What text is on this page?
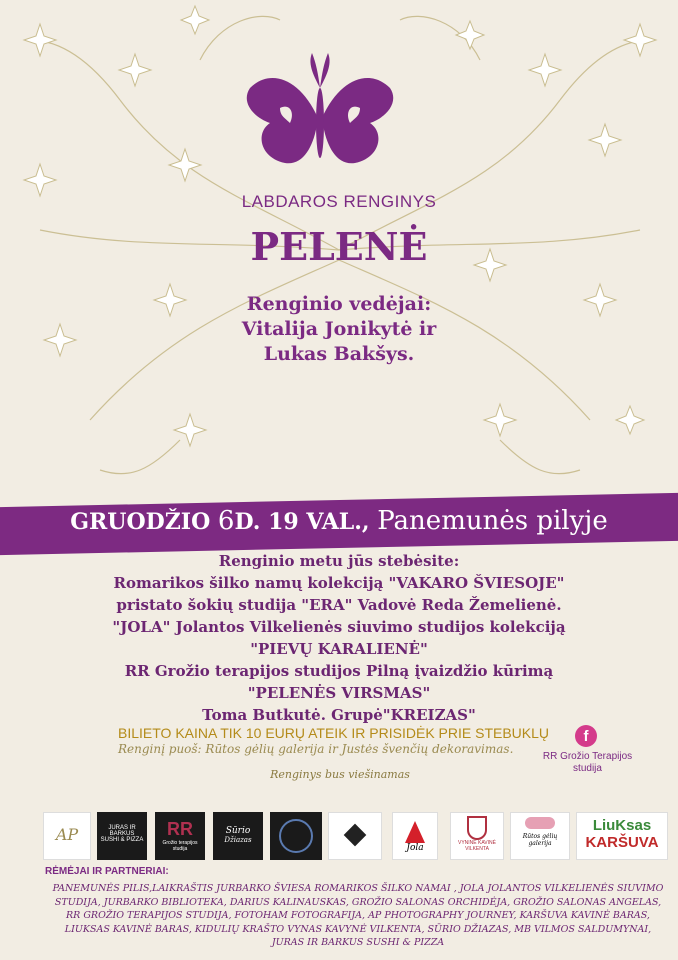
LABDAROS RENGINYS
PELENĖ
Renginio vedėjai:
Vitalija Jonikytė ir
Lukas Bakšys.
GRUODŽIO 6D. 19 VAL., Panemunės pilyje
Renginio metu jūs stebėsite:
Romarikos šilko namų kolekciją "VAKARO ŠVIESOJE"
pristato šokių studija "ERA" Vadovė Reda Žemelienė.
"JOLA" Jolantos Vilkelienės siuvimo studijos kolekciją
"PIEVŲ KARALIENĖ"
RR Grožio terapijos studijos Pilną įvaizdžio kūrimą
"PELENĖS VIRSMAS"
Toma Butkutė. Grupė"KREIZAS"
BILIETO KAINA TIK 10 EURŲ ATEIK IR PRISIDĖK PRIE STEBUKLŲ
Renginį puoš: Rūtos gėlių galerija ir Justės švenčių dekoravimas.
Renginys bus viešinamas
f
RR Grožio Terapijos
studija
AP	JURAS IR BARKUS
SUSHI & PIZZA
RR
Grožio terapijos studija
Sūrio
Džiazas
Jola	VYNINĖ KAVINĖ
VILKENTA
Rūtos gėlių
galerija
LiuKsas
KARŠUVA
RĖMĖJAI IR PARTNERIAI:
PANEMUNĖS PILIS,LAIKRAŠTIS JURBARKO ŠVIESA ROMARIKOS ŠILKO NAMAI , JOLA JOLANTOS VILKELIENĖS SIUVIMO STUDIJA, JURBARKO BIBLIOTEKA, DARIUS KALINAUSKAS, GROŽIO SALONAS ORCHIDĖJA, GROŽIO SALONAS ANGELAS, RR GROŽIO TERAPIJOS STUDIJA, FOTOHAM FOTOGRAFIJA, AP PHOTOGRAPHY JOURNEY, KARŠUVA KAVINĖ BARAS, LIUKSAS KAVINĖ BARAS, KIDULIŲ KRAŠTO VYNAS KAVYNĖ VILKENTA, SŪRIO DŽIAZAS, MB VILMOS SALDUMYNAI, JURAS IR BARKUS SUSHI & PIZZA
